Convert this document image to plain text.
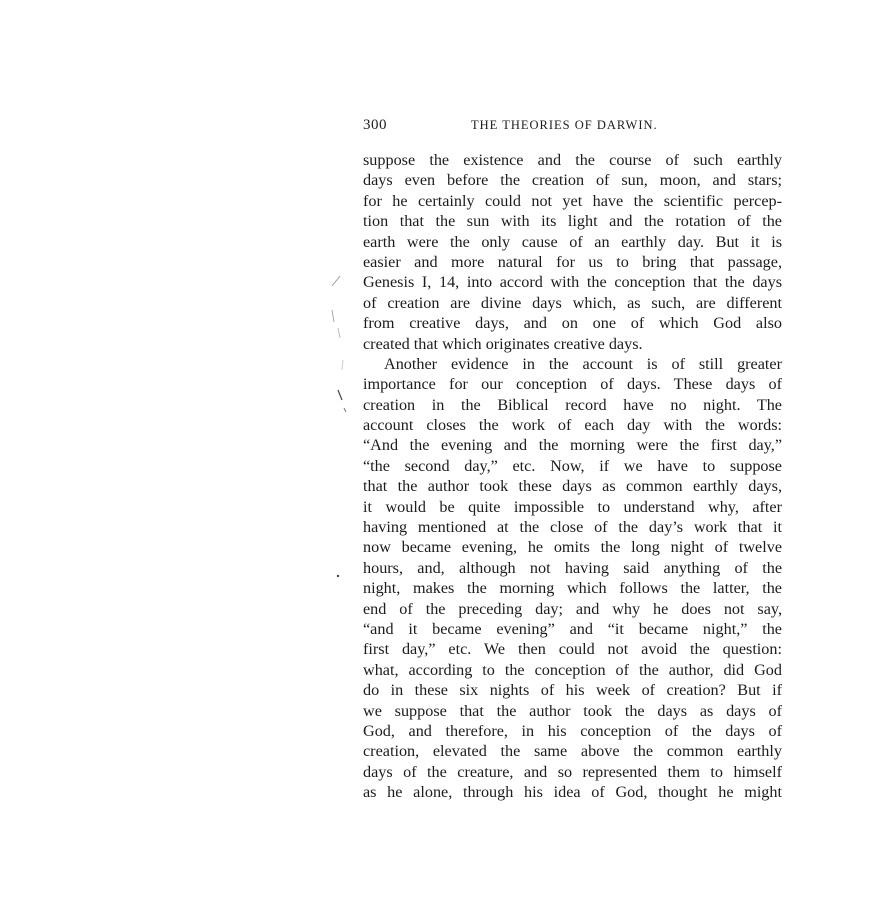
300	THE THEORIES OF DARWIN.
suppose the existence and the course of such earthly
days even before the creation of sun, moon, and stars;
for he certainly could not yet have the scientific percep-
tion that the sun with its light and the rotation of the
earth were the only cause of an earthly day. But it is
easier and more natural for us to bring that passage,
Genesis I, 14, into accord with the conception that the days
of creation are divine days which, as such, are different
from creative days, and on one of which God also
created that which originates creative days.
Another evidence in the account is of still greater
importance for our conception of days. These days of
creation in the Biblical record have no night. The
account closes the work of each day with the words:
“And the evening and the morning were the first day,”
“the second day,” etc. Now, if we have to suppose
that the author took these days as common earthly days,
it would be quite impossible to understand why, after
having mentioned at the close of the day’s work that it
now became evening, he omits the long night of twelve
hours, and, although not having said anything of the
night, makes the morning which follows the latter, the
end of the preceding day; and why he does not say,
“and it became evening” and “it became night,” the
first day,” etc. We then could not avoid the question:
what, according to the conception of the author, did God
do in these six nights of his week of creation? But if
we suppose that the author took the days as days of
God, and therefore, in his conception of the days of
creation, elevated the same above the common earthly
days of the creature, and so represented them to himself
as he alone, through his idea of God, thought he might
